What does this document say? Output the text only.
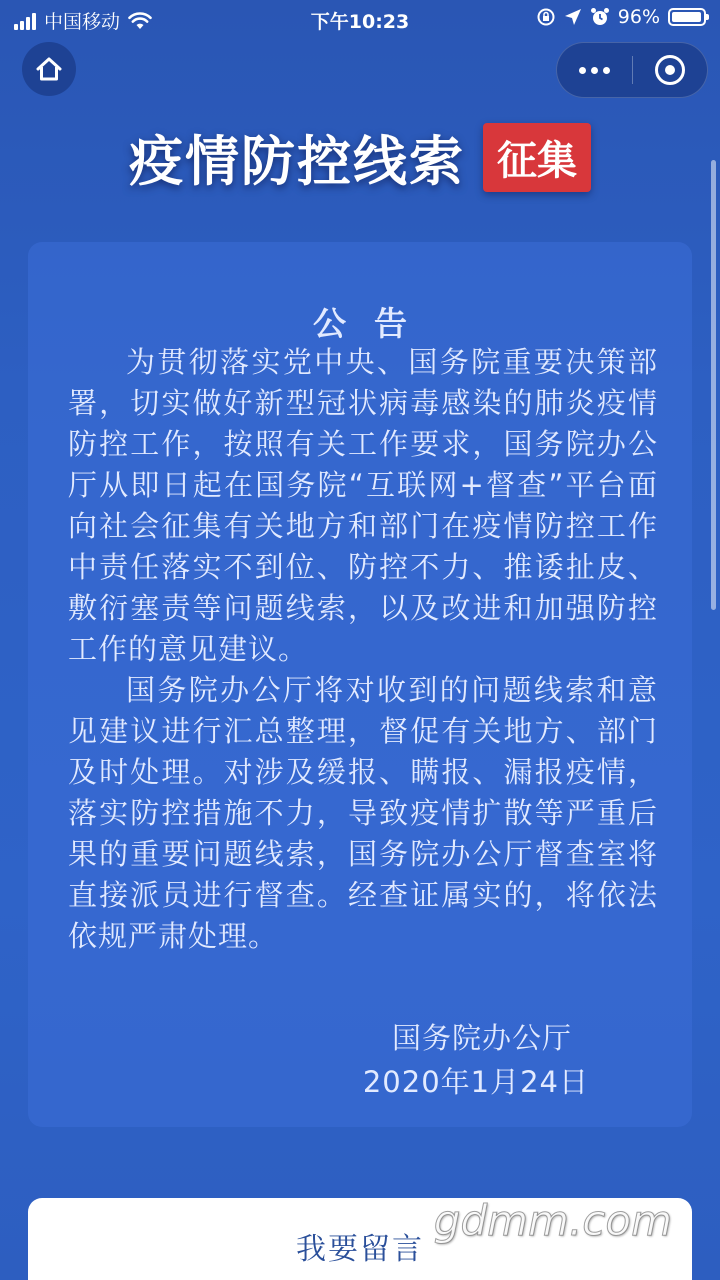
中国移动	下午10:23	96%
疫情防控线索 征集
公告

为贯彻落实党中央、国务院重要决策部署，切实做好新型冠状病毒感染的肺炎疫情防控工作，按照有关工作要求，国务院办公厅从即日起在国务院“互联网+督查”平台面向社会征集有关地方和部门在疫情防控工作中责任落实不到位、防控不力、推诿扯皮、敷衍塞责等问题线索，以及改进和加强防控工作的意见建议。

国务院办公厅将对收到的问题线索和意见建议进行汇总整理，督促有关地方、部门及时处理。对涉及缓报、瞒报、漏报疫情，落实防控措施不力，导致疫情扩散等严重后果的重要问题线索，国务院办公厅督查室将直接派员进行督查。经查证属实的，将依法依规严肃处理。

国务院办公厅
2020年1月24日
我要留言
gdmm.com
